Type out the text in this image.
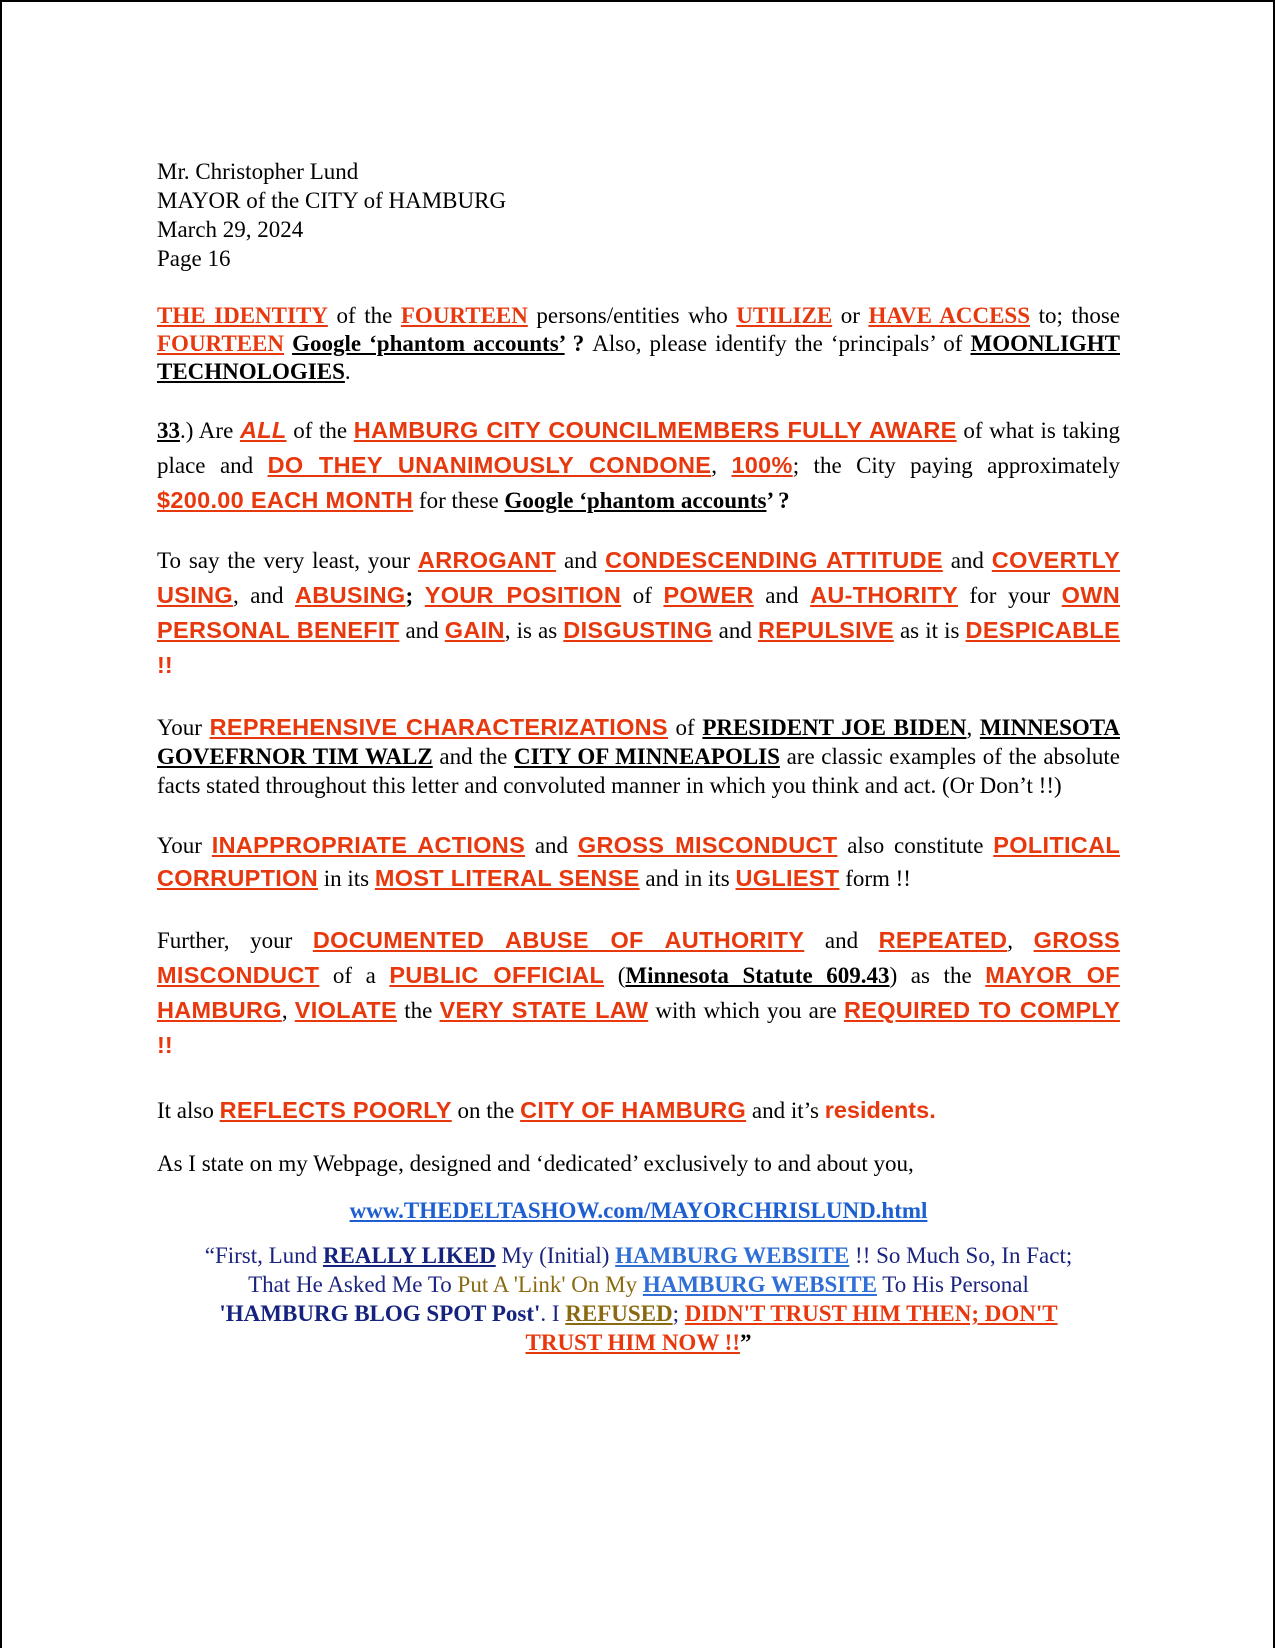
Mr. Christopher Lund
MAYOR of the CITY of HAMBURG
March 29, 2024
Page 16

THE IDENTITY of the FOURTEEN persons/entities who UTILIZE or HAVE ACCESS to; those FOURTEEN Google ‘phantom accounts’ ? Also, please identify the ‘principals’ of MOONLIGHT TECHNOLOGIES.

33.) Are ALL of the HAMBURG CITY COUNCILMEMBERS FULLY AWARE of what is taking place and DO THEY UNANIMOUSLY CONDONE, 100%; the City paying approximately $200.00 EACH MONTH for these Google ‘phantom accounts’ ?

To say the very least, your ARROGANT and CONDESCENDING ATTITUDE and COVERTLY USING, and ABUSING; YOUR POSITION of POWER and AU-THORITY for your OWN PERSONAL BENEFIT and GAIN, is as DISGUSTING and REPULSIVE as it is DESPICABLE !!

Your REPREHENSIVE CHARACTERIZATIONS of PRESIDENT JOE BIDEN, MINNESOTA GOVEFRNOR TIM WALZ and the CITY OF MINNEAPOLIS are classic examples of the absolute facts stated throughout this letter and convoluted manner in which you think and act. (Or Don’t !!)

Your INAPPROPRIATE ACTIONS and GROSS MISCONDUCT also constitute POLITICAL CORRUPTION in its MOST LITERAL SENSE and in its UGLIEST form !!

Further, your DOCUMENTED ABUSE OF AUTHORITY and REPEATED, GROSS MISCONDUCT of a PUBLIC OFFICIAL (Minnesota Statute 609.43) as the MAYOR OF HAMBURG, VIOLATE the VERY STATE LAW with which you are REQUIRED TO COMPLY !!

It also REFLECTS POORLY on the CITY OF HAMBURG and it’s residents.

As I state on my Webpage, designed and ‘dedicated’ exclusively to and about you,

www.THEDELTASHOW.com/MAYORCHRISLUND.html

“First, Lund REALLY LIKED My (Initial) HAMBURG WEBSITE !! So Much So, In Fact; That He Asked Me To Put A 'Link' On My HAMBURG WEBSITE To His Personal 'HAMBURG BLOG SPOT Post'. I REFUSED; DIDN'T TRUST HIM THEN; DON'T TRUST HIM NOW !!”
